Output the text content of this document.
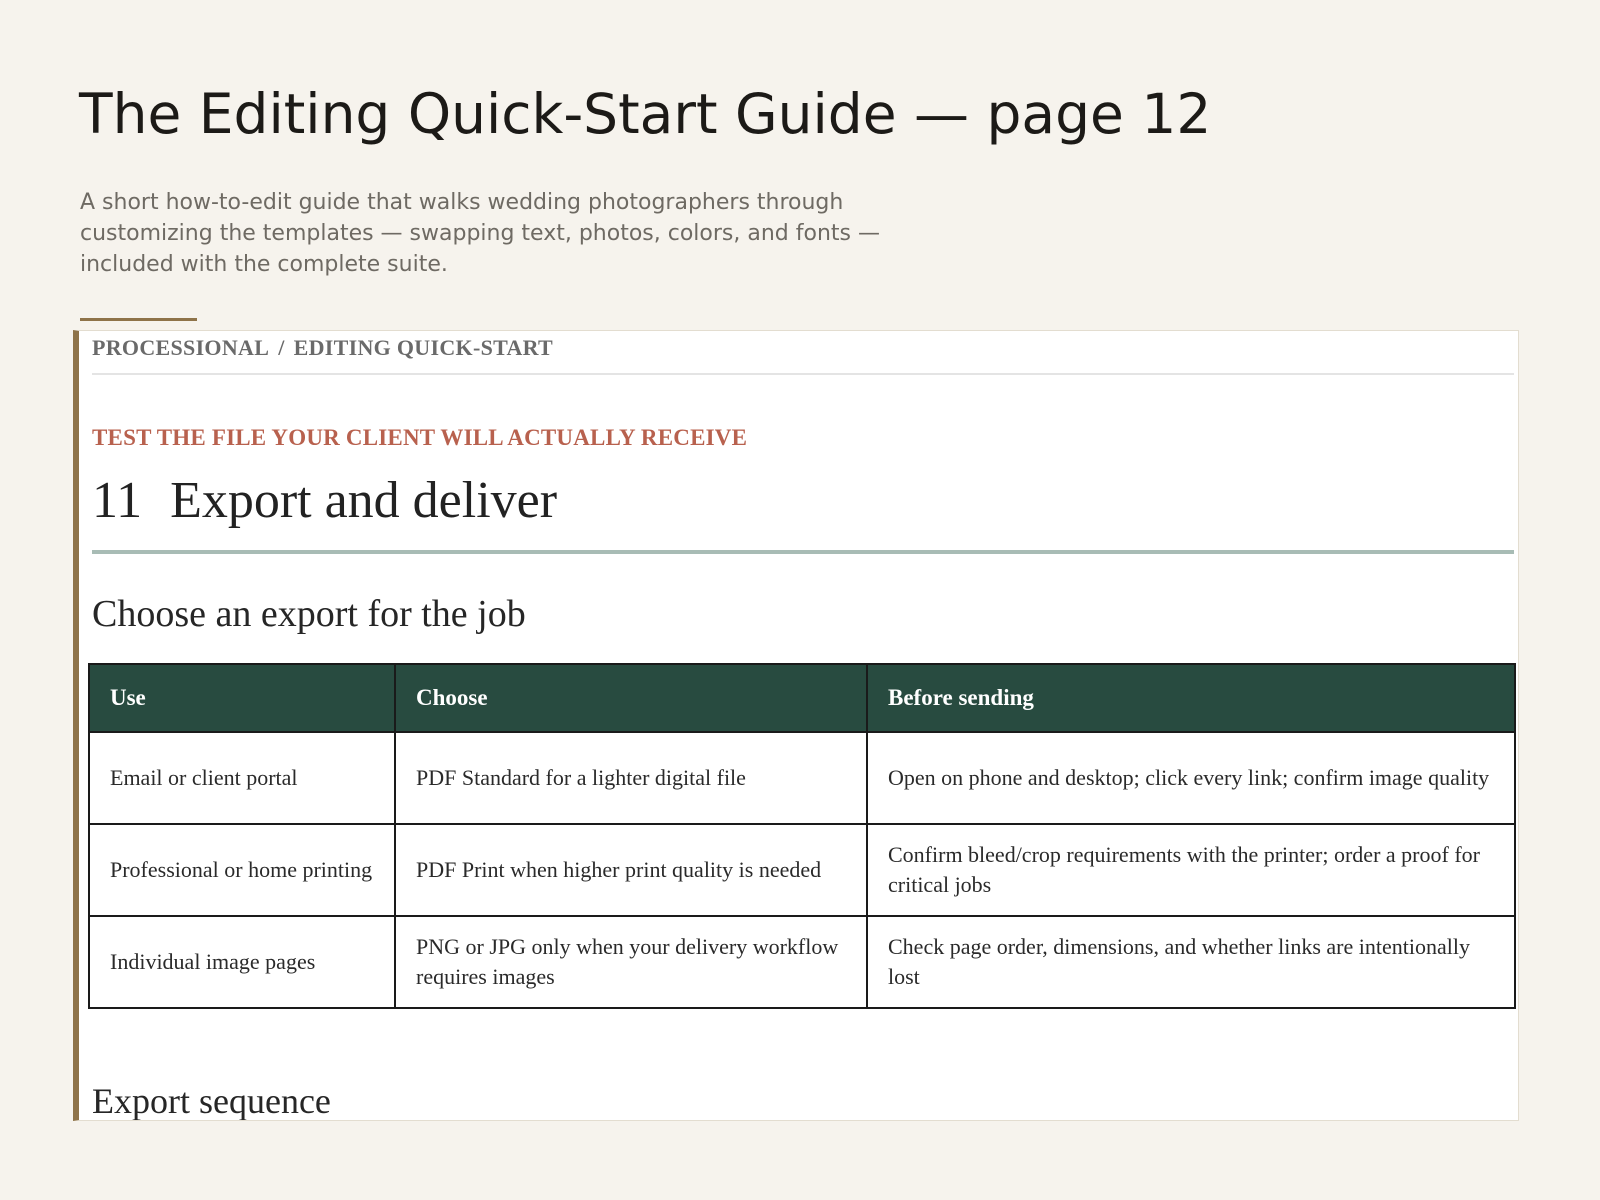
The Editing Quick-Start Guide — page 12

A short how-to-edit guide that walks wedding photographers through customizing the templates — swapping text, photos, colors, and fonts — included with the complete suite.

PROCESSIONAL / EDITING QUICK-START
TEST THE FILE YOUR CLIENT WILL ACTUALLY RECEIVE
11 Export and deliver
Choose an export for the job
Use	Choose	Before sending
Email or client portal	PDF Standard for a lighter digital file	Open on phone and desktop; click every link; confirm image quality
Professional or home printing	PDF Print when higher print quality is needed	Confirm bleed/crop requirements with the printer; order a proof for critical jobs
Individual image pages	PNG or JPG only when your delivery workflow requires images	Check page order, dimensions, and whether links are intentionally lost
Export sequence
